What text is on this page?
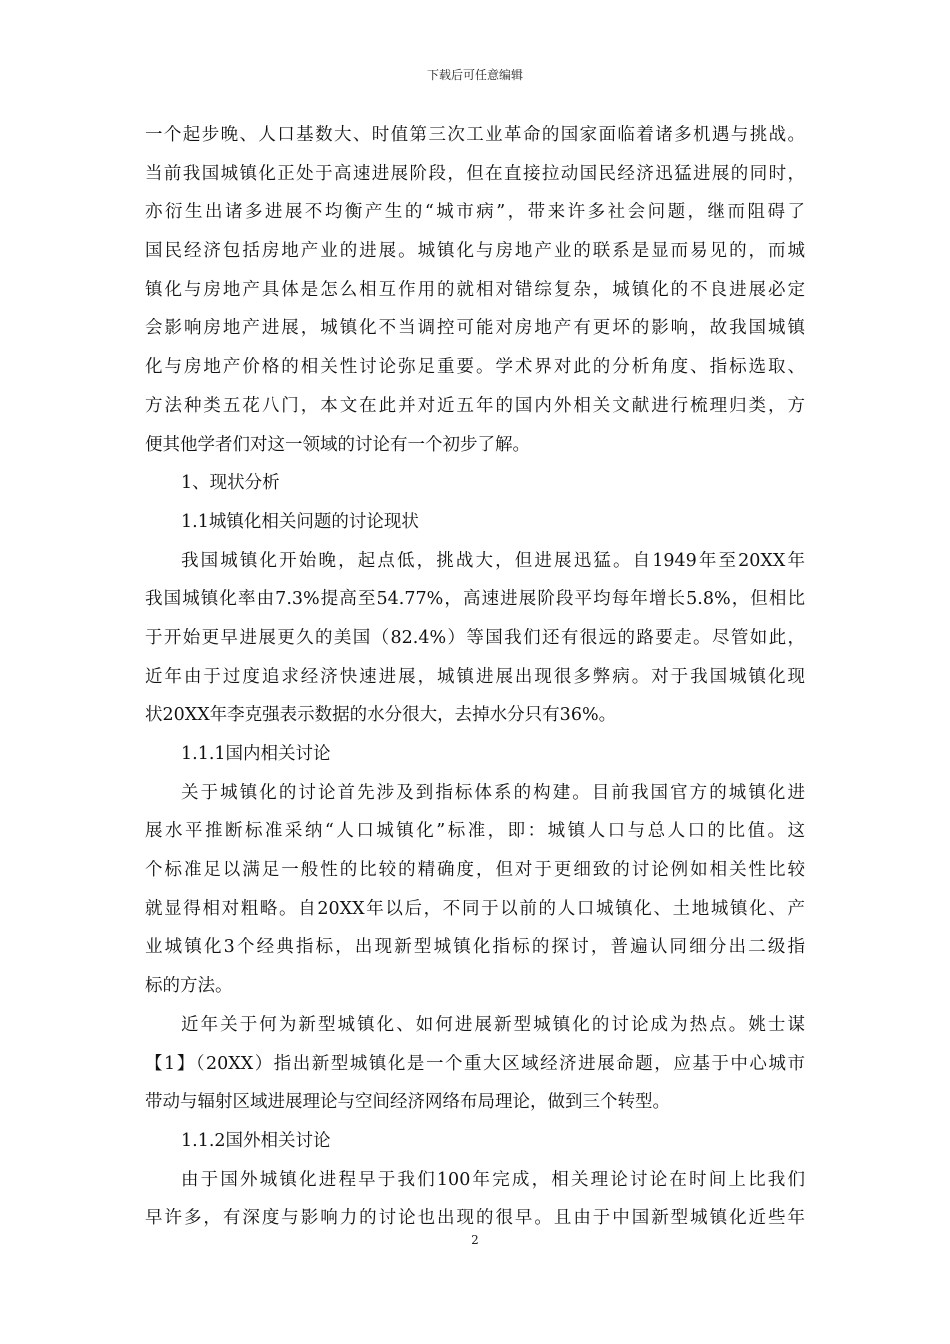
下载后可任意编辑
一个起步晚、人口基数大、时值第三次工业革命的国家面临着诸多机遇与挑战。
当前我国城镇化正处于高速进展阶段，但在直接拉动国民经济迅猛进展的同时，
亦衍生出诸多进展不均衡产生的“城市病”，带来许多社会问题，继而阻碍了
国民经济包括房地产业的进展。城镇化与房地产业的联系是显而易见的，而城
镇化与房地产具体是怎么相互作用的就相对错综复杂，城镇化的不良进展必定
会影响房地产进展，城镇化不当调控可能对房地产有更坏的影响，故我国城镇
化与房地产价格的相关性讨论弥足重要。学术界对此的分析角度、指标选取、
方法种类五花八门，本文在此并对近五年的国内外相关文献进行梳理归类，方
便其他学者们对这一领域的讨论有一个初步了解。
1、现状分析
1.1城镇化相关问题的讨论现状
我国城镇化开始晚，起点低，挑战大，但进展迅猛。自1949年至20XX年
我国城镇化率由7.3%提高至54.77%，高速进展阶段平均每年增长5.8%，但相比
于开始更早进展更久的美国（82.4%）等国我们还有很远的路要走。尽管如此，
近年由于过度追求经济快速进展，城镇进展出现很多弊病。对于我国城镇化现
状20XX年李克强表示数据的水分很大，去掉水分只有36%。
1.1.1国内相关讨论
关于城镇化的讨论首先涉及到指标体系的构建。目前我国官方的城镇化进
展水平推断标准采纳“人口城镇化”标准，即：城镇人口与总人口的比值。这
个标准足以满足一般性的比较的精确度，但对于更细致的讨论例如相关性比较
就显得相对粗略。自20XX年以后，不同于以前的人口城镇化、土地城镇化、产
业城镇化3个经典指标，出现新型城镇化指标的探讨，普遍认同细分出二级指
标的方法。
近年关于何为新型城镇化、如何进展新型城镇化的讨论成为热点。姚士谋
【1】（20XX）指出新型城镇化是一个重大区域经济进展命题，应基于中心城市
带动与辐射区域进展理论与空间经济网络布局理论，做到三个转型。
1.1.2国外相关讨论
由于国外城镇化进程早于我们100年完成，相关理论讨论在时间上比我们
早许多，有深度与影响力的讨论也出现的很早。且由于中国新型城镇化近些年
2
